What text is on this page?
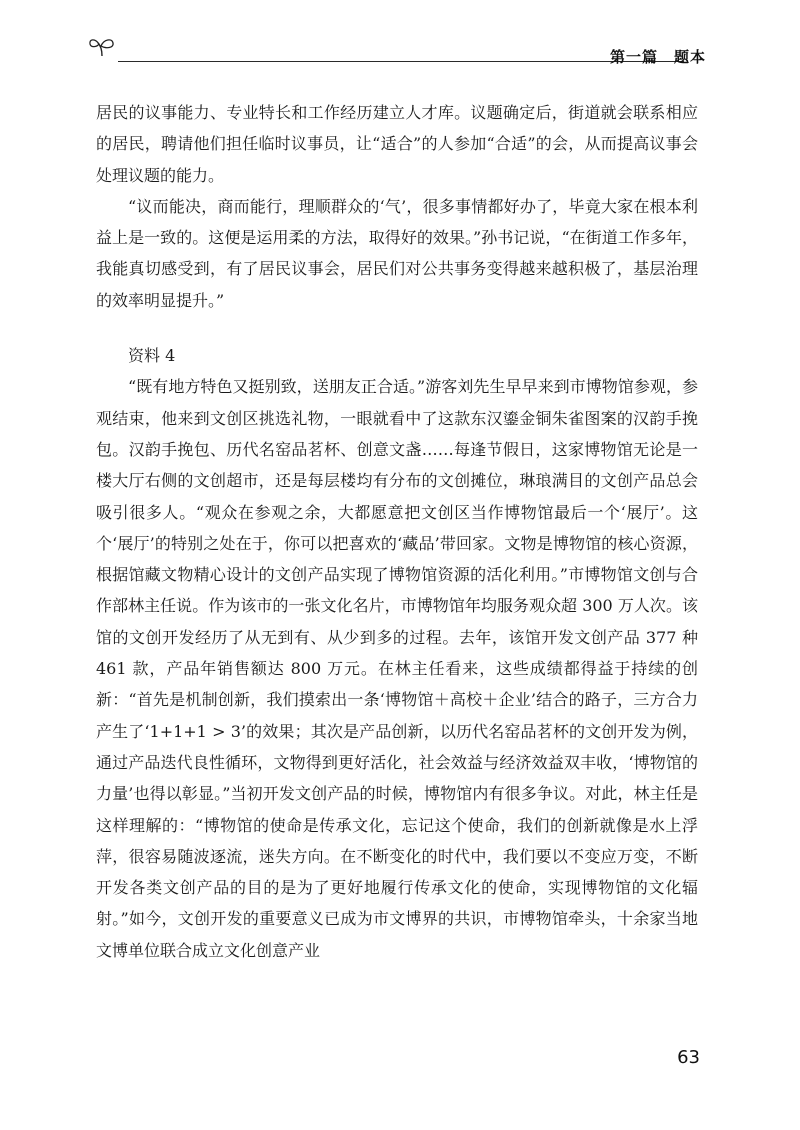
第一篇　题本

居民的议事能力、专业特长和工作经历建立人才库。议题确定后，街道就会联系相应的居民，聘请他们担任临时议事员，让“适合”的人参加“合适”的会，从而提高议事会处理议题的能力。

“议而能决，商而能行，理顺群众的‘气’，很多事情都好办了，毕竟大家在根本利益上是一致的。这便是运用柔的方法，取得好的效果。”孙书记说，“在街道工作多年，我能真切感受到，有了居民议事会，居民们对公共事务变得越来越积极了，基层治理的效率明显提升。”

资料 4

“既有地方特色又挺别致，送朋友正合适。”游客刘先生早早来到市博物馆参观，参观结束，他来到文创区挑选礼物，一眼就看中了这款东汉鎏金铜朱雀图案的汉韵手挽包。汉韵手挽包、历代名窑品茗杯、创意文盏……每逢节假日，这家博物馆无论是一楼大厅右侧的文创超市，还是每层楼均有分布的文创摊位，琳琅满目的文创产品总会吸引很多人。“观众在参观之余，大都愿意把文创区当作博物馆最后一个‘展厅’。这个‘展厅’的特别之处在于，你可以把喜欢的‘藏品’带回家。文物是博物馆的核心资源，根据馆藏文物精心设计的文创产品实现了博物馆资源的活化利用。”市博物馆文创与合作部林主任说。作为该市的一张文化名片，市博物馆年均服务观众超 300 万人次。该馆的文创开发经历了从无到有、从少到多的过程。去年，该馆开发文创产品 377 种 461 款，产品年销售额达 800 万元。在林主任看来，这些成绩都得益于持续的创新：“首先是机制创新，我们摸索出一条‘博物馆＋高校＋企业’结合的路子，三方合力产生了‘1+1+1 > 3’的效果；其次是产品创新，以历代名窑品茗杯的文创开发为例，通过产品迭代良性循环，文物得到更好活化，社会效益与经济效益双丰收，‘博物馆的力量’也得以彰显。”当初开发文创产品的时候，博物馆内有很多争议。对此，林主任是这样理解的：“博物馆的使命是传承文化，忘记这个使命，我们的创新就像是水上浮萍，很容易随波逐流，迷失方向。在不断变化的时代中，我们要以不变应万变，不断开发各类文创产品的目的是为了更好地履行传承文化的使命，实现博物馆的文化辐射。”如今，文创开发的重要意义已成为市文博界的共识，市博物馆牵头，十余家当地文博单位联合成立文化创意产业

63
